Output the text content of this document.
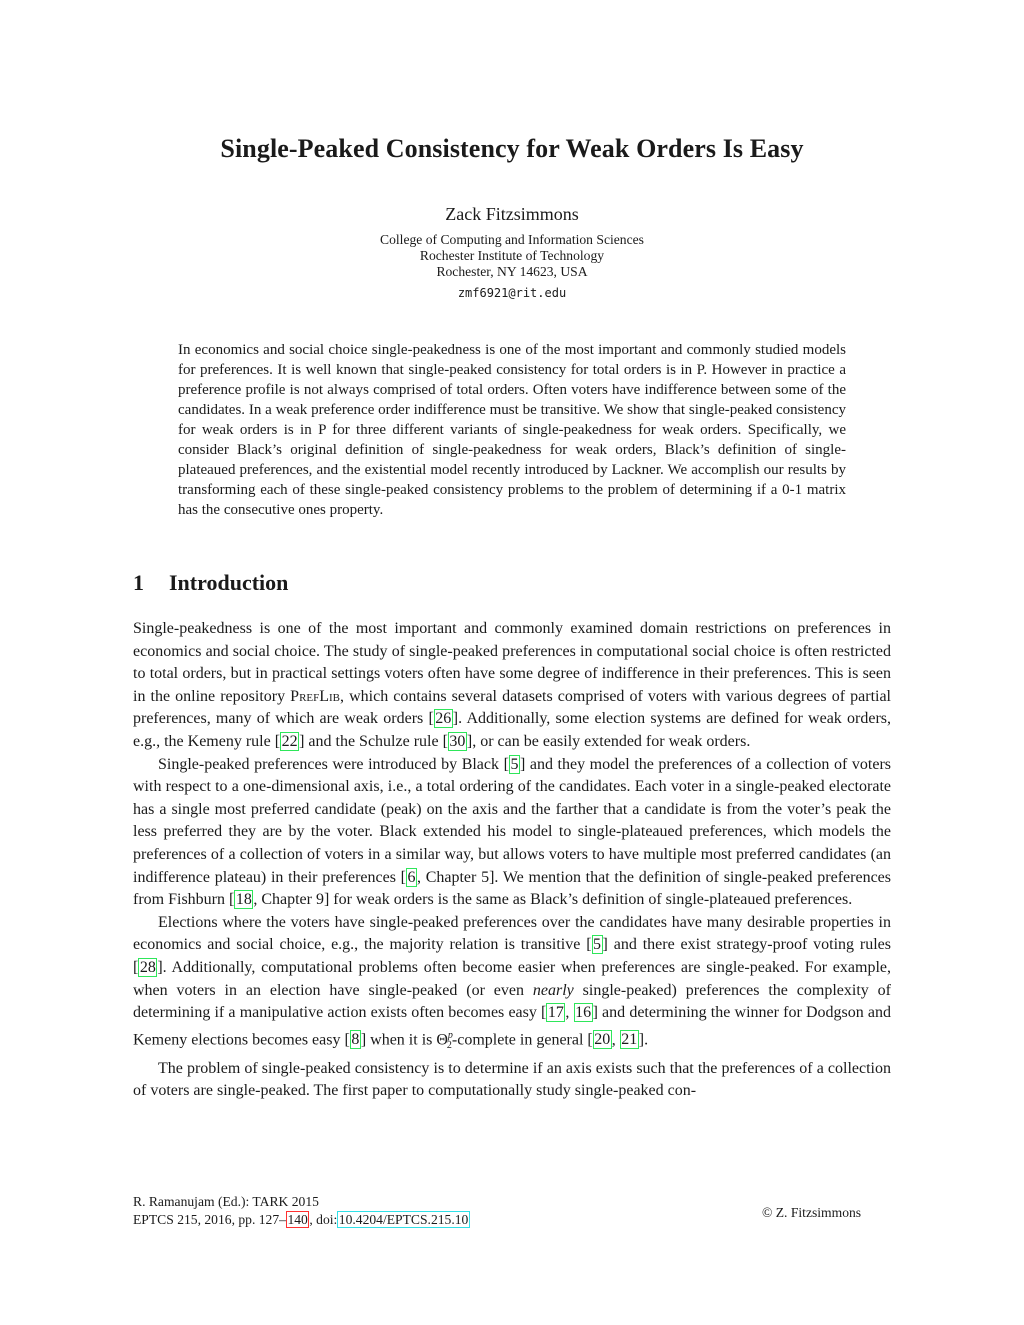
Single-Peaked Consistency for Weak Orders Is Easy
Zack Fitzsimmons
College of Computing and Information Sciences
Rochester Institute of Technology
Rochester, NY 14623, USA
zmf6921@rit.edu
In economics and social choice single-peakedness is one of the most important and commonly studied models for preferences. It is well known that single-peaked consistency for total orders is in P. However in practice a preference profile is not always comprised of total orders. Often voters have indifference between some of the candidates. In a weak preference order indifference must be transitive. We show that single-peaked consistency for weak orders is in P for three different variants of single-peakedness for weak orders. Specifically, we consider Black’s original definition of single-peakedness for weak orders, Black’s definition of single-plateaued preferences, and the existential model recently introduced by Lackner. We accomplish our results by transforming each of these single-peaked consistency problems to the problem of determining if a 0-1 matrix has the consecutive ones property.
1 Introduction

Single-peakedness is one of the most important and commonly examined domain restrictions on preferences in economics and social choice. The study of single-peaked preferences in computational social choice is often restricted to total orders, but in practical settings voters often have some degree of indifference in their preferences. This is seen in the online repository PrefLib, which contains several datasets comprised of voters with various degrees of partial preferences, many of which are weak orders [26]. Additionally, some election systems are defined for weak orders, e.g., the Kemeny rule [22] and the Schulze rule [30], or can be easily extended for weak orders.

Single-peaked preferences were introduced by Black [5] and they model the preferences of a collection of voters with respect to a one-dimensional axis, i.e., a total ordering of the candidates. Each voter in a single-peaked electorate has a single most preferred candidate (peak) on the axis and the farther that a candidate is from the voter’s peak the less preferred they are by the voter. Black extended his model to single-plateaued preferences, which models the preferences of a collection of voters in a similar way, but allows voters to have multiple most preferred candidates (an indifference plateau) in their preferences [6, Chapter 5]. We mention that the definition of single-peaked preferences from Fishburn [18, Chapter 9] for weak orders is the same as Black’s definition of single-plateaued preferences.

Elections where the voters have single-peaked preferences over the candidates have many desirable properties in economics and social choice, e.g., the majority relation is transitive [5] and there exist strategy-proof voting rules [28]. Additionally, computational problems often become easier when preferences are single-peaked. For example, when voters in an election have single-peaked (or even nearly single-peaked) preferences the complexity of determining if a manipulative action exists often becomes easy [17, 16] and determining the winner for Dodgson and Kemeny elections becomes easy [8] when it is $\Theta^p_2$-complete in general [20, 21].

The problem of single-peaked consistency is to determine if an axis exists such that the preferences of a collection of voters are single-peaked. The first paper to computationally study single-peaked con-

R. Ramanujam (Ed.): TARK 2015
EPTCS 215, 2016, pp. 127– 140 , doi: 10.4204/EPTCS.215.10	© Z. Fitzsimmons
